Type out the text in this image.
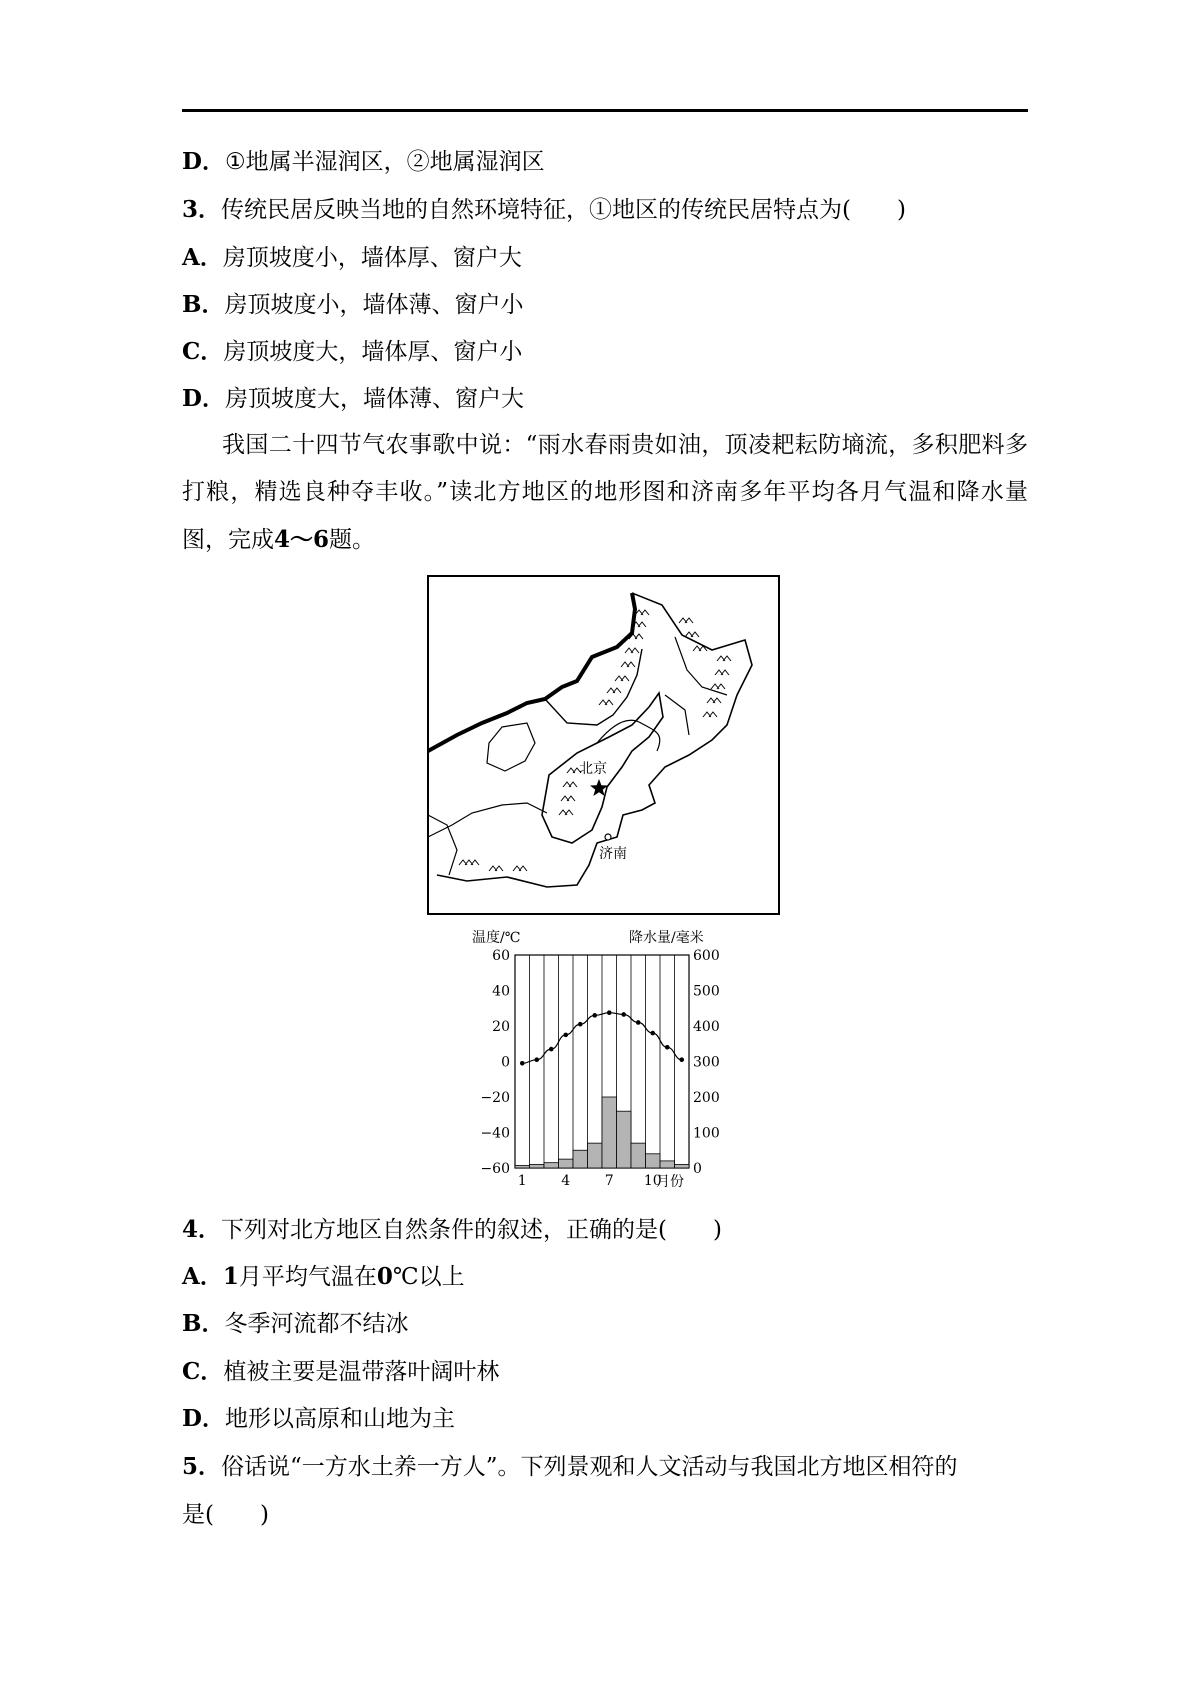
D．①地属半湿润区，②地属湿润区
3．传统民居反映当地的自然环境特征，①地区的传统民居特点为(　　)
A．房顶坡度小，墙体厚、窗户大
B．房顶坡度小，墙体薄、窗户小
C．房顶坡度大，墙体厚、窗户小
D．房顶坡度大，墙体薄、窗户大
我国二十四节气农事歌中说：“雨水春雨贵如油，顶凌耙耘防墒流，多积肥料多打粮，精选良种夺丰收。”读北方地区的地形图和济南多年平均各月气温和降水量图，完成4～6题。
北京
济南
温度/℃	降水量/毫米
60
40
20
0
−20
−40
−60
600
500
400
300
200
100
0
1 4 7 10
月份
4．下列对北方地区自然条件的叙述，正确的是(　　)
A．1月平均气温在0℃以上
B．冬季河流都不结冰
C．植被主要是温带落叶阔叶林
D．地形以高原和山地为主
5．俗话说“一方水土养一方人”。下列景观和人文活动与我国北方地区相符的
是(　　)
